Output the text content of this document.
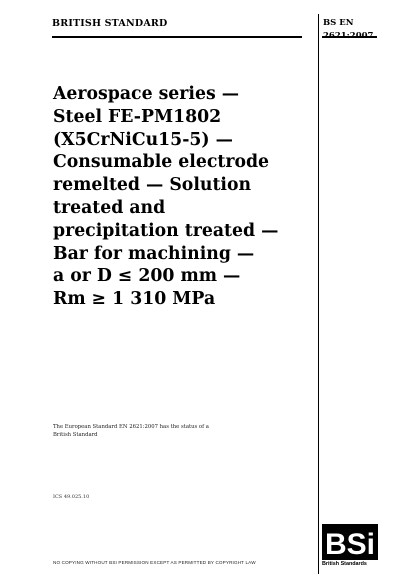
BRITISH STANDARD	BS EN
2621:2007
Aerospace series —
Steel FE-PM1802
(X5CrNiCu15-5) —
Consumable electrode
remelted — Solution
treated and
precipitation treated —
Bar for machining —
a or D ≤ 200 mm —
Rm ≥ 1 310 MPa
The European Standard EN 2621:2007 has the status of a
British Standard
ICS 49.025.10
NO COPYING WITHOUT BSI PERMISSION EXCEPT AS PERMITTED BY COPYRIGHT LAW
BSi
British Standards
